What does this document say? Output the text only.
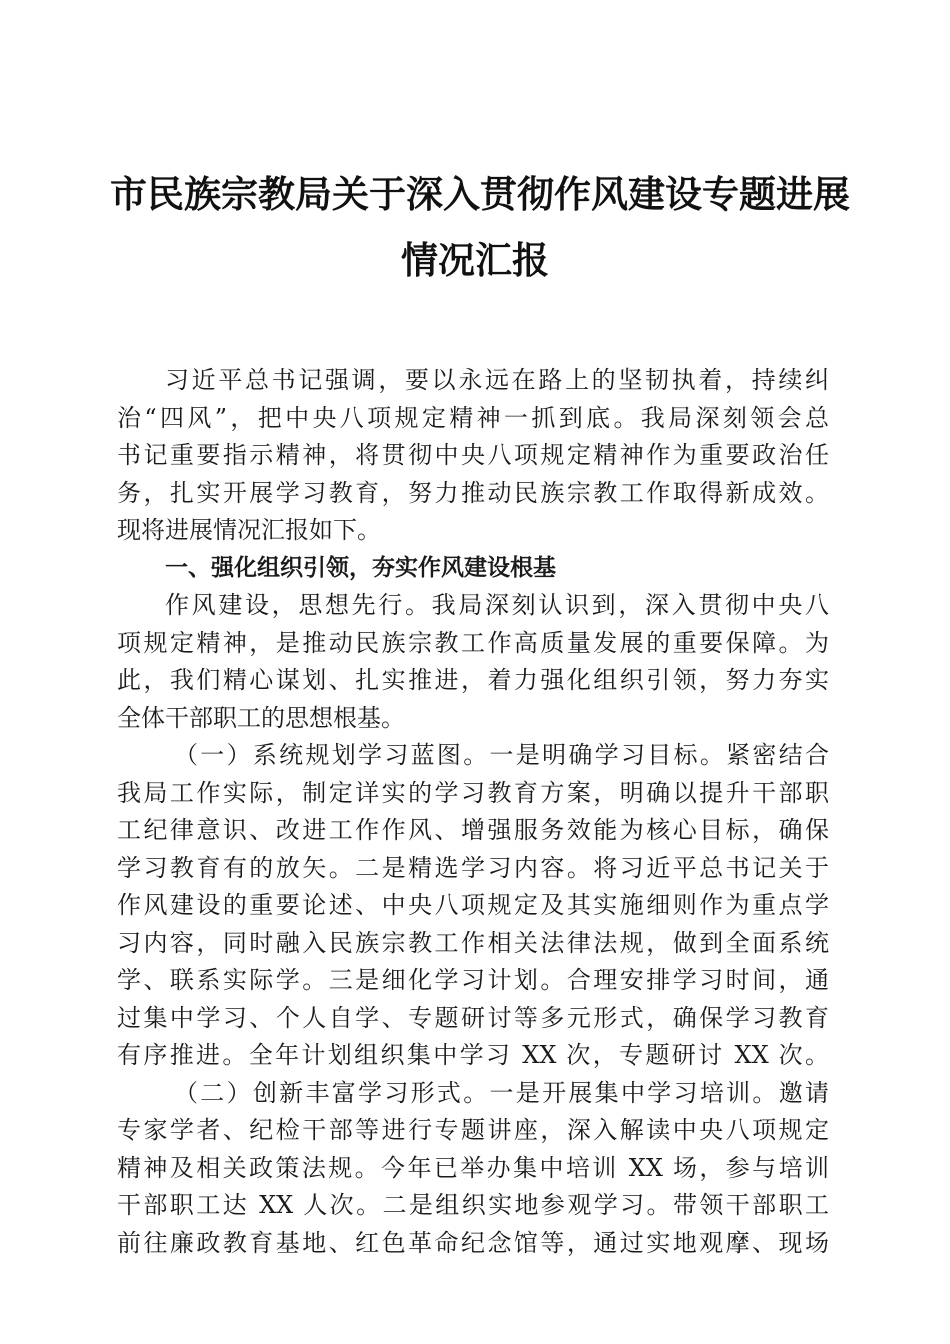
市民族宗教局关于深入贯彻作风建设专题进展
情况汇报
习近平总书记强调，要以永远在路上的坚韧执着，持续纠
治“四风”，把中央八项规定精神一抓到底。我局深刻领会总
书记重要指示精神，将贯彻中央八项规定精神作为重要政治任
务，扎实开展学习教育，努力推动民族宗教工作取得新成效。
现将进展情况汇报如下。
一、强化组织引领，夯实作风建设根基
作风建设，思想先行。我局深刻认识到，深入贯彻中央八
项规定精神，是推动民族宗教工作高质量发展的重要保障。为
此，我们精心谋划、扎实推进，着力强化组织引领，努力夯实
全体干部职工的思想根基。
（一）系统规划学习蓝图。一是明确学习目标。紧密结合
我局工作实际，制定详实的学习教育方案，明确以提升干部职
工纪律意识、改进工作作风、增强服务效能为核心目标，确保
学习教育有的放矢。二是精选学习内容。将习近平总书记关于
作风建设的重要论述、中央八项规定及其实施细则作为重点学
习内容，同时融入民族宗教工作相关法律法规，做到全面系统
学、联系实际学。三是细化学习计划。合理安排学习时间，通
过集中学习、个人自学、专题研讨等多元形式，确保学习教育
有序推进。全年计划组织集中学习 XX 次，专题研讨 XX 次。
（二）创新丰富学习形式。一是开展集中学习培训。邀请
专家学者、纪检干部等进行专题讲座，深入解读中央八项规定
精神及相关政策法规。今年已举办集中培训 XX 场，参与培训
干部职工达 XX 人次。二是组织实地参观学习。带领干部职工
前往廉政教育基地、红色革命纪念馆等，通过实地观摩、现场
